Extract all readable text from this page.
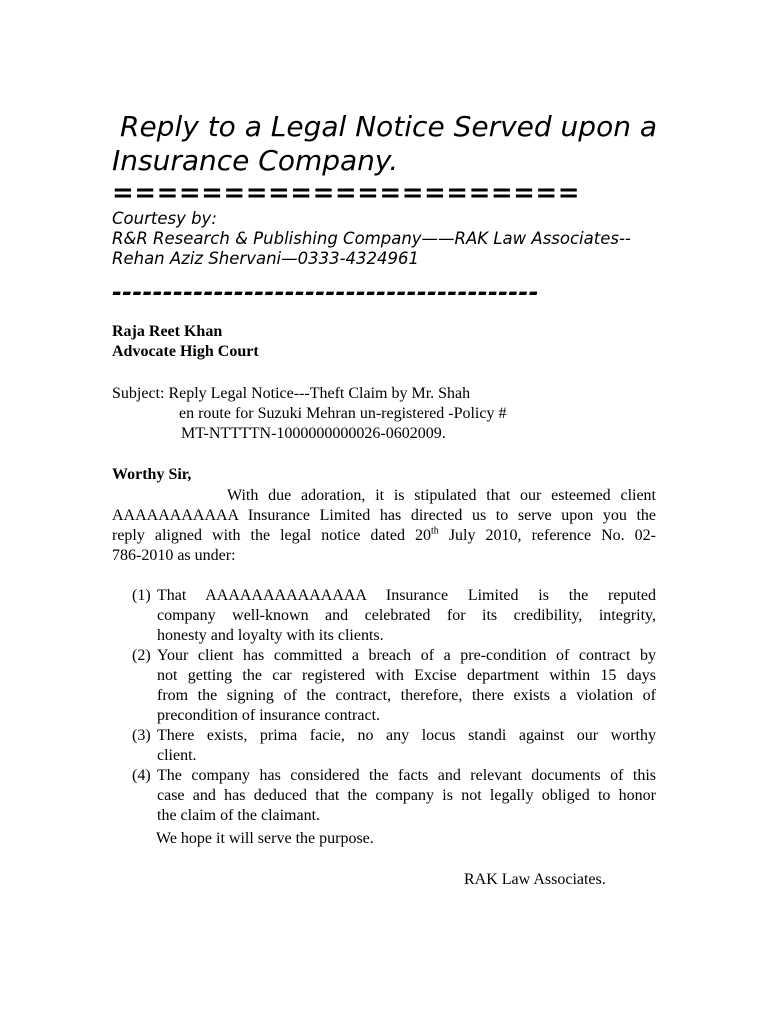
Reply to a Legal Notice Served upon a
Insurance Company.
=====================
Courtesy by:
R&R Research & Publishing Company——RAK Law Associates--
Rehan Aziz Shervani—0333-4324961
------------------------------------------
Raja Reet Khan
Advocate High Court
Subject: Reply Legal Notice---Theft Claim by Mr. Shah
en route for Suzuki Mehran un-registered -Policy #
MT-NTTTTN-1000000000026-0602009.
Worthy Sir,
With due adoration, it is stipulated that our esteemed client
AAAAAAAAAAA Insurance Limited has directed us to serve upon you the
reply aligned with the legal notice dated 20th July 2010, reference No. 02-
786-2010 as under:
(1) That AAAAAAAAAAAAAA Insurance Limited is the reputed
company well-known and celebrated for its credibility, integrity,
honesty and loyalty with its clients.
(2) Your client has committed a breach of a pre-condition of contract by
not getting the car registered with Excise department within 15 days
from the signing of the contract, therefore, there exists a violation of
precondition of insurance contract.
(3) There exists, prima facie, no any locus standi against our worthy
client.
(4) The company has considered the facts and relevant documents of this
case and has deduced that the company is not legally obliged to honor
the claim of the claimant.
We hope it will serve the purpose.
RAK Law Associates.
